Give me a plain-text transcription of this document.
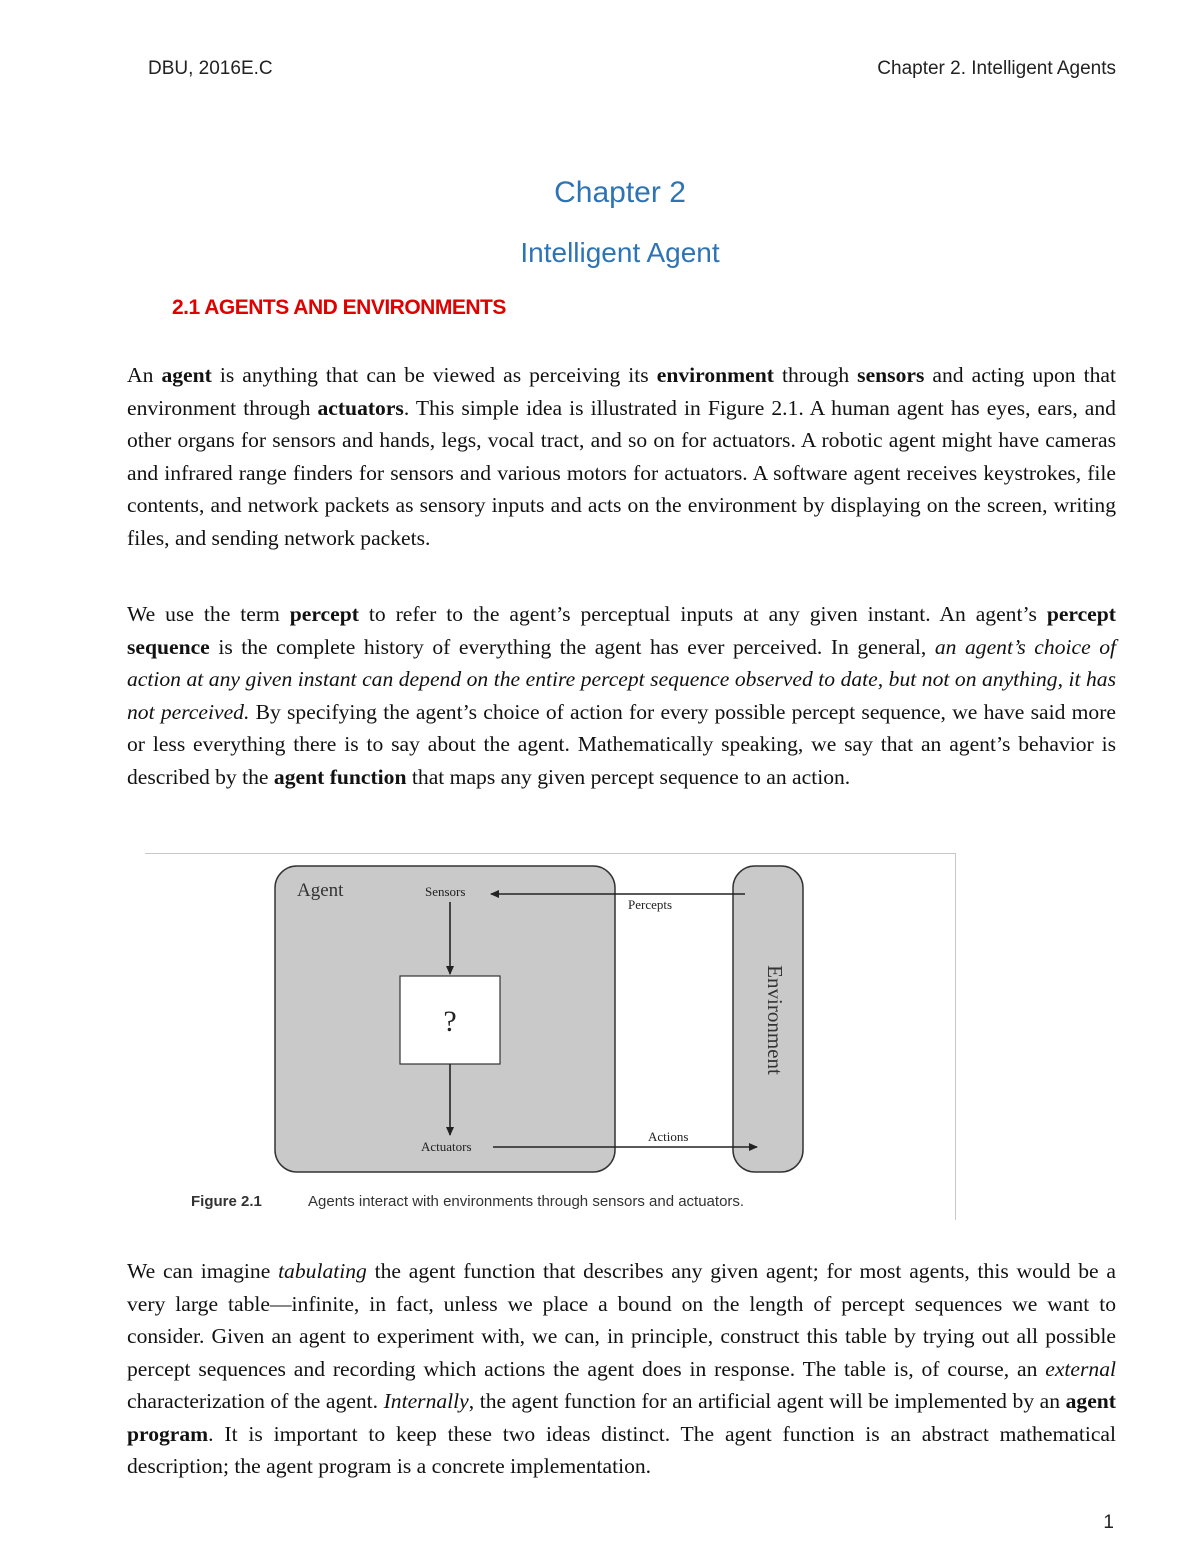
DBU, 2016E.C	Chapter 2. Intelligent Agents
Chapter 2
Intelligent Agent
2.1 AGENTS AND ENVIRONMENTS

An agent is anything that can be viewed as perceiving its environment through sensors and acting upon that environment through actuators. This simple idea is illustrated in Figure 2.1. A human agent has eyes, ears, and other organs for sensors and hands, legs, vocal tract, and so on for actuators. A robotic agent might have cameras and infrared range finders for sensors and various motors for actuators. A software agent receives keystrokes, file contents, and network packets as sensory inputs and acts on the environment by displaying on the screen, writing files, and sending network packets.

We use the term percept to refer to the agent’s perceptual inputs at any given instant. An agent’s percept sequence is the complete history of everything the agent has ever perceived. In general, an agent’s choice of action at any given instant can depend on the entire percept sequence observed to date, but not on anything, it has not perceived. By specifying the agent’s choice of action for every possible percept sequence, we have said more or less everything there is to say about the agent. Mathematically speaking, we say that an agent’s behavior is described by the agent function that maps any given percept sequence to an action.

?
Agent	Sensors
Actuators
Percepts
Actions
Environment
Figure 2.1	Agents interact with environments through sensors and actuators.

We can imagine tabulating the agent function that describes any given agent; for most agents, this would be a very large table—infinite, in fact, unless we place a bound on the length of percept sequences we want to consider. Given an agent to experiment with, we can, in principle, construct this table by trying out all possible percept sequences and recording which actions the agent does in response. The table is, of course, an external characterization of the agent. Internally, the agent function for an artificial agent will be implemented by an agent program. It is important to keep these two ideas distinct. The agent function is an abstract mathematical description; the agent program is a concrete implementation.

1
